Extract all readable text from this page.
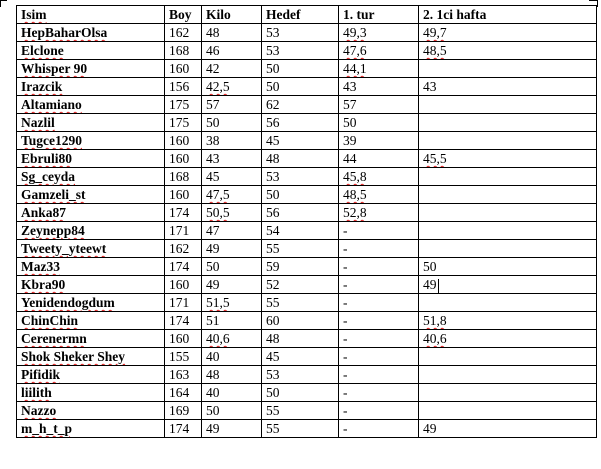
Isim	Boy	Kilo	Hedef	1. tur	2. 1ci hafta
HepBaharOlsa	162	48	53	49,3	49,7
Elclone	168	46	53	47,6	48,5
Whisper 90	160	42	50	44,1	
Irazcik	156	42,5	50	43	43
Altamiano	175	57	62	57	
Nazlil	175	50	56	50	
Tugce1290	160	38	45	39	
Ebruli80	160	43	48	44	45,5
Sg_ceyda	168	45	53	45,8	
Gamzeli_st	160	47,5	50	48,5	
Anka87	174	50,5	56	52,8	
Zeynepp84	171	47	54	-	
Tweety_yteewt	162	49	55	-	
Maz33	174	50	59	-	50
Kbra90	160	49	52	-	49
Yenidendogdum	171	51,5	55	-	
ChinChin	174	51	60	-	51,8
Cerenermn	160	40,6	48	-	40,6
Shok Sheker Shey	155	40	45	-	
Pifidik	163	48	53	-	
liilith	164	40	50	-	
Nazzo	169	50	55	-	
m_h_t_p	174	49	55	-	49
